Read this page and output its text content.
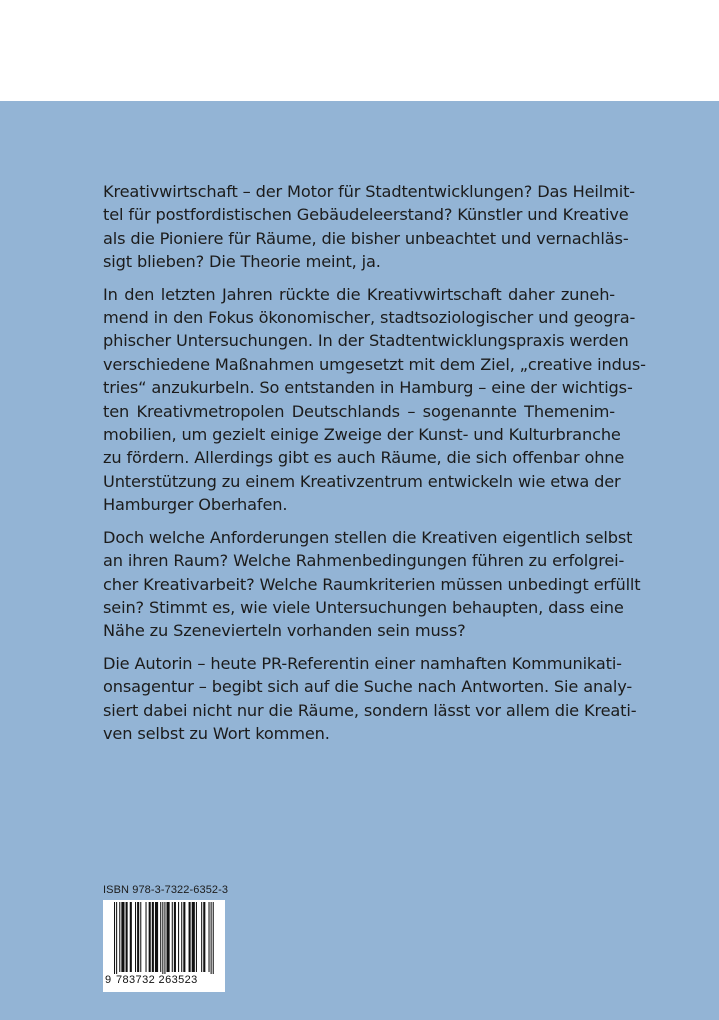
Kreativwirtschaft – der Motor für Stadtentwicklungen? Das Heilmit-
tel für postfordistischen Gebäudeleerstand? Künstler und Kreative
als die Pioniere für Räume, die bisher unbeachtet und vernachläs-
sigt blieben? Die Theorie meint, ja.
In den letzten Jahren rückte die Kreativwirtschaft daher zuneh-
mend in den Fokus ökonomischer, stadtsoziologischer und geogra-
phischer Untersuchungen. In der Stadtentwicklungspraxis werden
verschiedene Maßnahmen umgesetzt mit dem Ziel, „creative indus-
tries“ anzukurbeln. So entstanden in Hamburg – eine der wichtigs-
ten Kreativmetropolen Deutschlands – sogenannte Themenim-
mobilien, um gezielt einige Zweige der Kunst- und Kulturbranche
zu fördern. Allerdings gibt es auch Räume, die sich offenbar ohne
Unterstützung zu einem Kreativzentrum entwickeln wie etwa der
Hamburger Oberhafen.
Doch welche Anforderungen stellen die Kreativen eigentlich selbst
an ihren Raum? Welche Rahmenbedingungen führen zu erfolgrei-
cher Kreativarbeit? Welche Raumkriterien müssen unbedingt erfüllt
sein? Stimmt es, wie viele Untersuchungen behaupten, dass eine
Nähe zu Szenevierteln vorhanden sein muss?
Die Autorin – heute PR-Referentin einer namhaften Kommunikati-
onsagentur – begibt sich auf die Suche nach Antworten. Sie analy-
siert dabei nicht nur die Räume, sondern lässt vor allem die Kreati-
ven selbst zu Wort kommen.
ISBN 978-3-7322-6352-3
9 783732 263523
